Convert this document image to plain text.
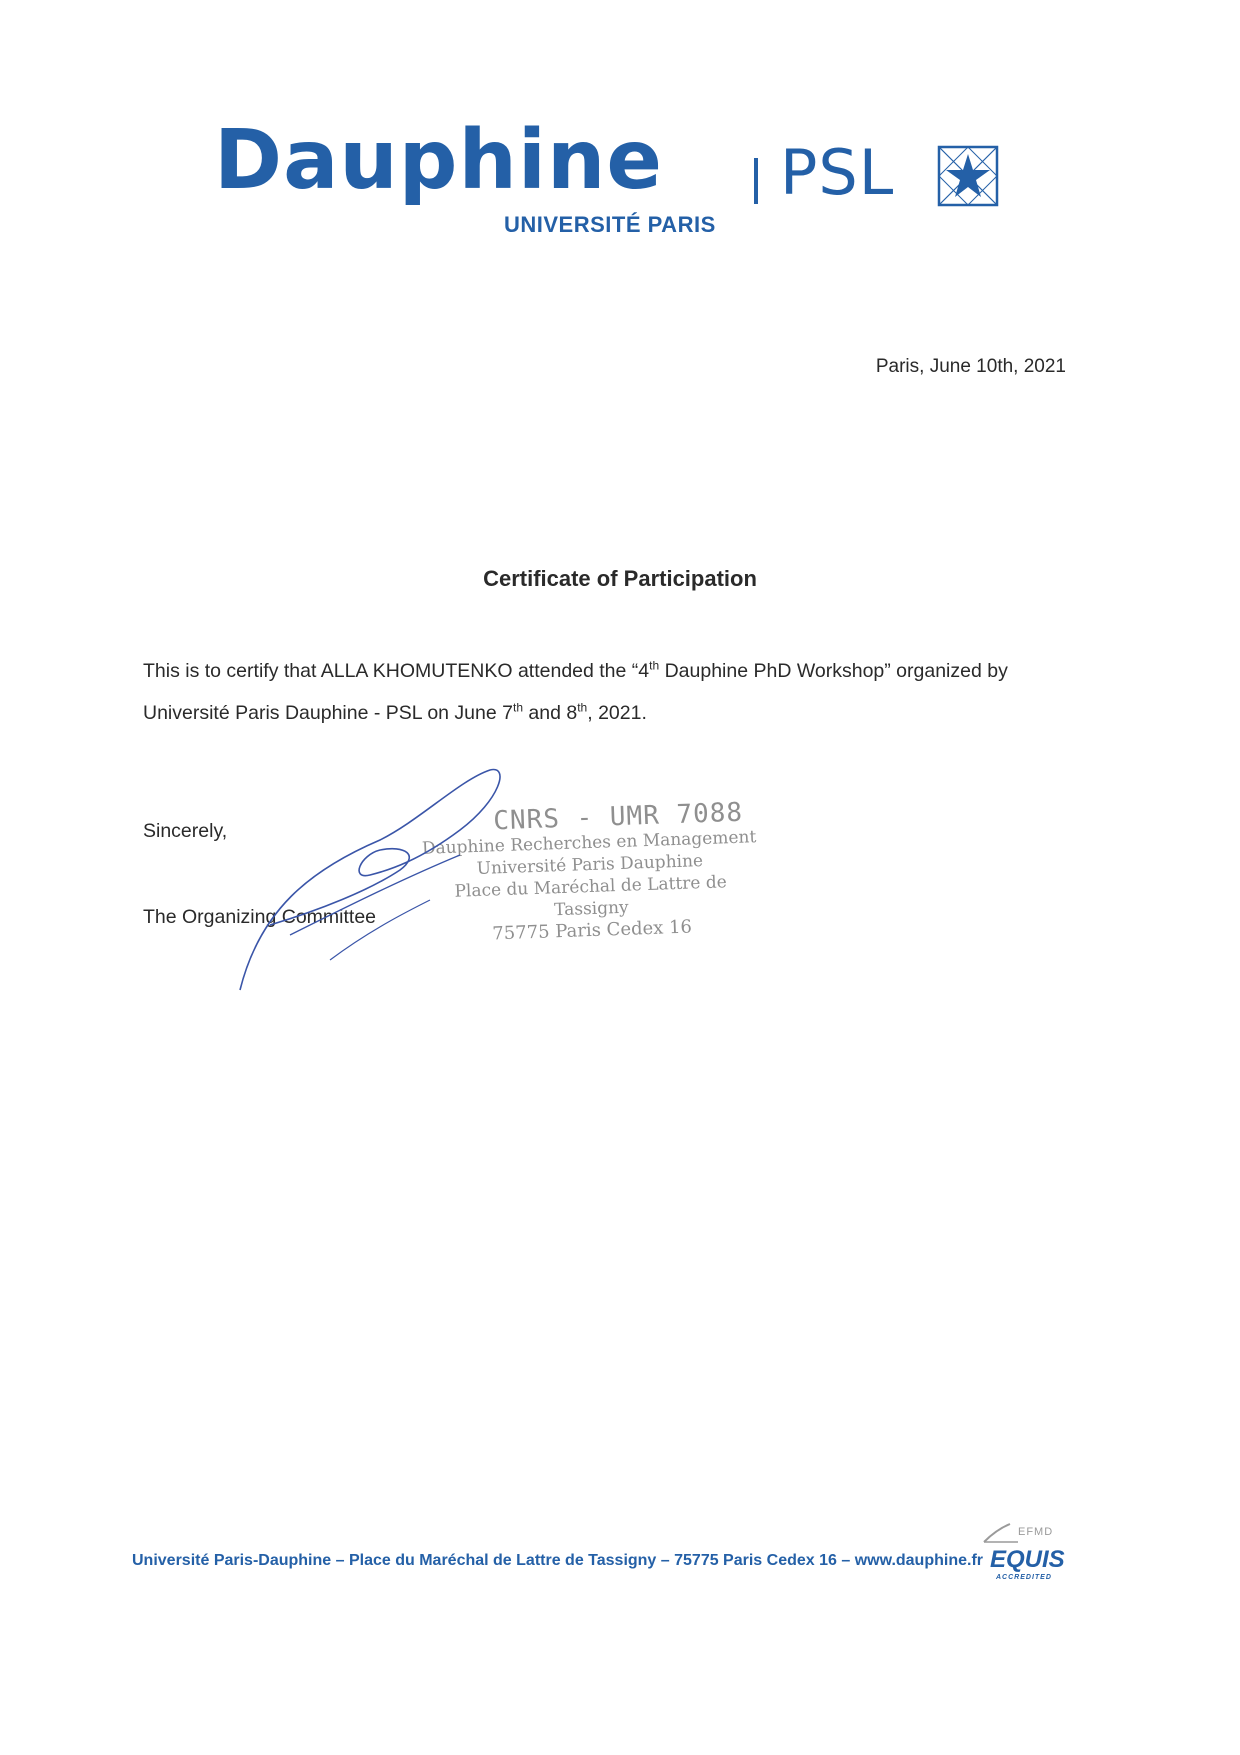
Dauphine
UNIVERSITÉ PARIS
PSL
Paris, June 10th, 2021
Certificate of Participation
This is to certify that ALLA KHOMUTENKO attended the “4th Dauphine PhD Workshop” organized by Université Paris Dauphine - PSL on June 7th and 8th, 2021.
Sincerely,
The Organizing Committee
CNRS - UMR 7088
Dauphine Recherches en Management
Université Paris Dauphine
Place du Maréchal de Lattre de Tassigny
75775 Paris Cedex 16
Université Paris-Dauphine – Place du Maréchal de Lattre de Tassigny – 75775 Paris Cedex 16 – www.dauphine.fr
EFMD
EQUIS
ACCREDITED
